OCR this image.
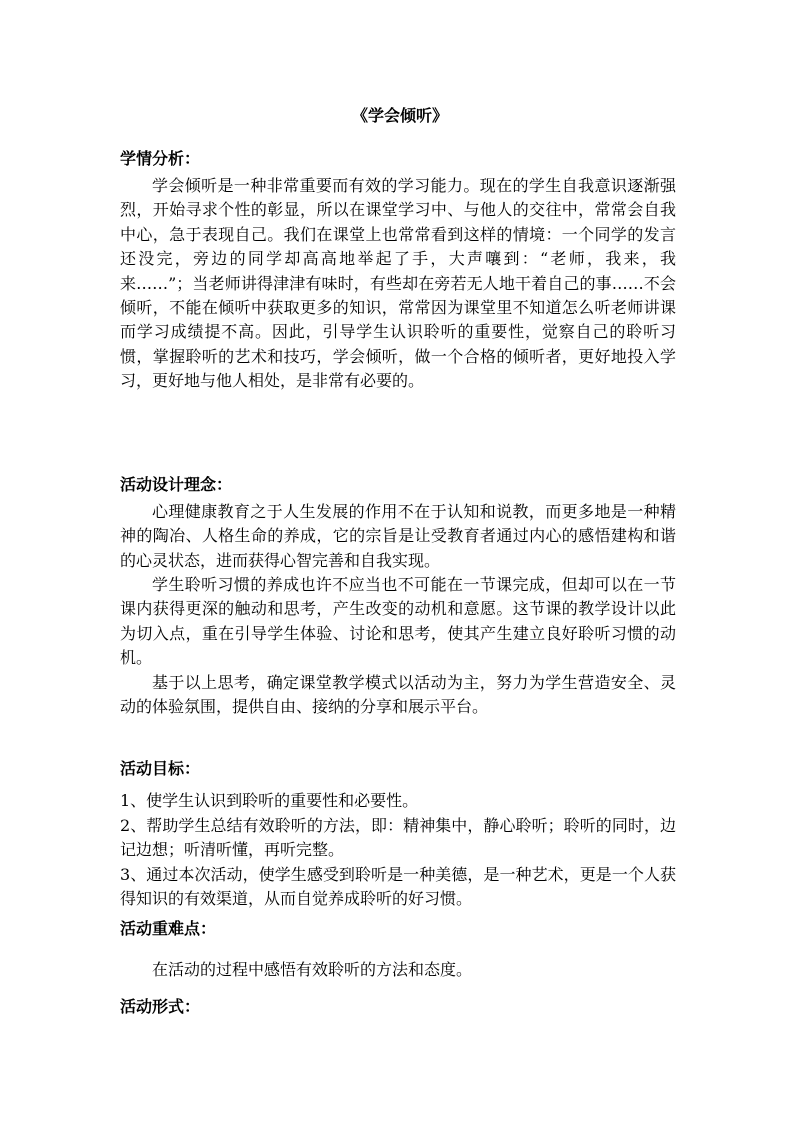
《学会倾听》
学情分析：

学会倾听是一种非常重要而有效的学习能力。现在的学生自我意识逐渐强烈，开始寻求个性的彰显，所以在课堂学习中、与他人的交往中，常常会自我中心，急于表现自己。我们在课堂上也常常看到这样的情境：一个同学的发言还没完，旁边的同学却高高地举起了手，大声嚷到：“老师，我来，我来……”；当老师讲得津津有味时，有些却在旁若无人地干着自己的事……不会倾听，不能在倾听中获取更多的知识，常常因为课堂里不知道怎么听老师讲课而学习成绩提不高。因此，引导学生认识聆听的重要性，觉察自己的聆听习惯，掌握聆听的艺术和技巧，学会倾听，做一个合格的倾听者，更好地投入学习，更好地与他人相处，是非常有必要的。

活动设计理念：

心理健康教育之于人生发展的作用不在于认知和说教，而更多地是一种精神的陶冶、人格生命的养成，它的宗旨是让受教育者通过内心的感悟建构和谐的心灵状态，进而获得心智完善和自我实现。

学生聆听习惯的养成也许不应当也不可能在一节课完成，但却可以在一节课内获得更深的触动和思考，产生改变的动机和意愿。这节课的教学设计以此为切入点，重在引导学生体验、讨论和思考，使其产生建立良好聆听习惯的动机。

基于以上思考，确定课堂教学模式以活动为主，努力为学生营造安全、灵动的体验氛围，提供自由、接纳的分享和展示平台。

活动目标：

1、使学生认识到聆听的重要性和必要性。

2、帮助学生总结有效聆听的方法，即：精神集中，静心聆听；聆听的同时，边记边想；听清听懂，再听完整。

3、通过本次活动，使学生感受到聆听是一种美德，是一种艺术，更是一个人获得知识的有效渠道，从而自觉养成聆听的好习惯。

活动重难点：

在活动的过程中感悟有效聆听的方法和态度。

活动形式：
